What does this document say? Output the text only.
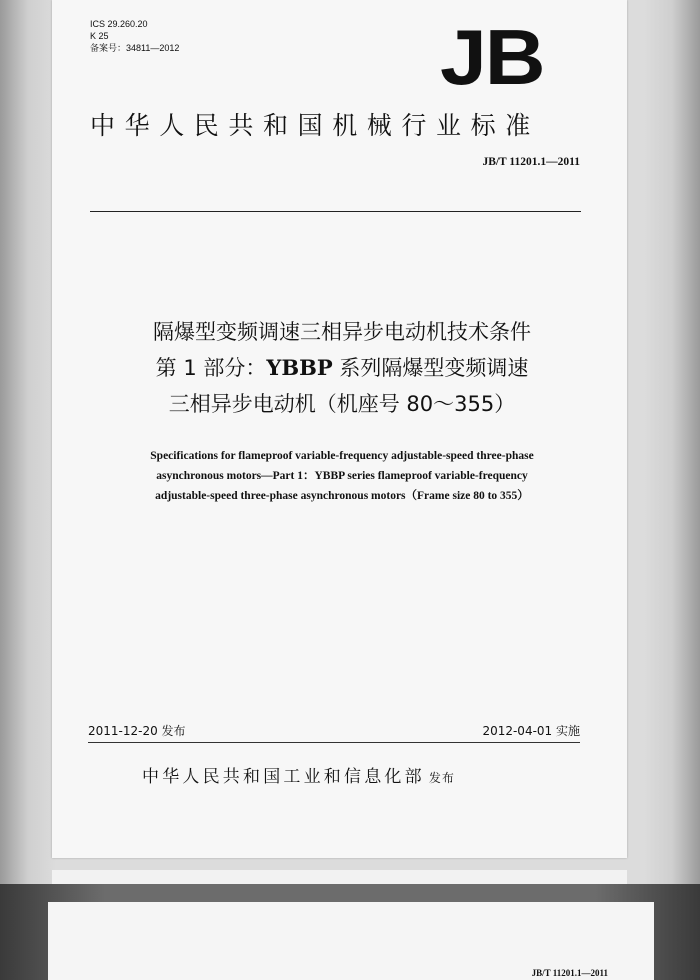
ICS 29.260.20
K 25
备案号：34811—2012	JB
中华人民共和国机械行业标准
JB/T 11201.1—2011
隔爆型变频调速三相异步电动机技术条件
第 1 部分：YBBP 系列隔爆型变频调速
三相异步电动机（机座号 80～355）
Specifications for flameproof variable-frequency adjustable-speed three-phase
asynchronous motors—Part 1：YBBP series flameproof variable-frequency
adjustable-speed three-phase asynchronous motors（Frame size 80 to 355）
2011-12-20 发布	2012-04-01 实施
中华人民共和国工业和信息化部 发布
JB/T 11201.1—2011
